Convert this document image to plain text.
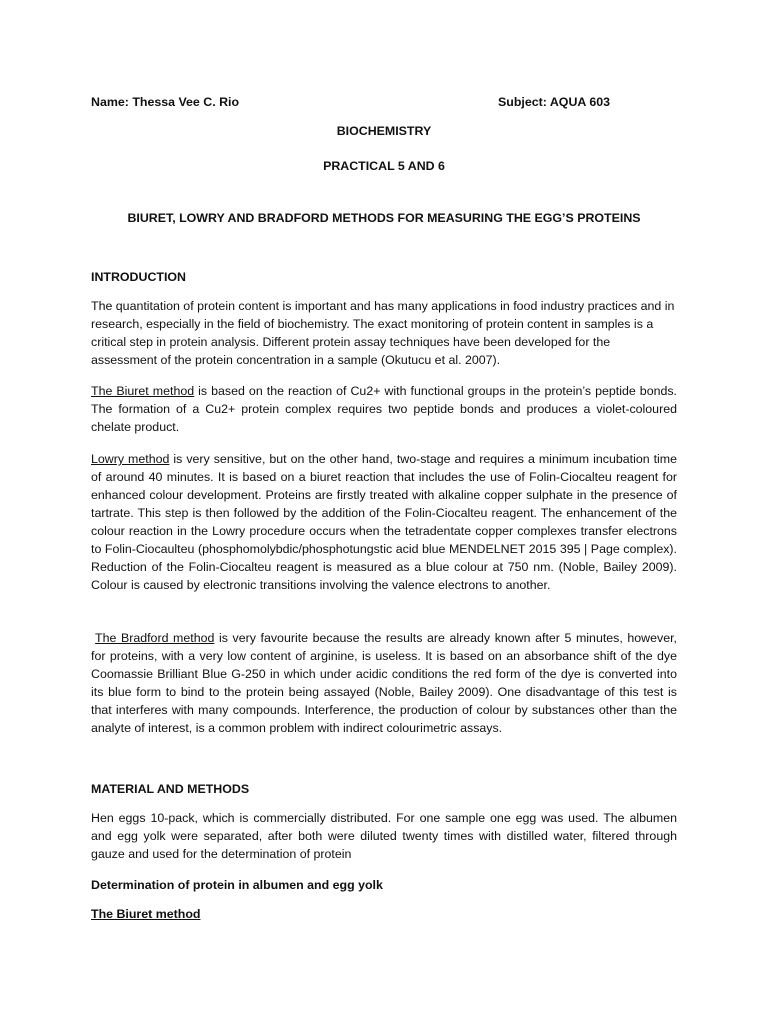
Name: Thessa Vee C. Rio	Subject: AQUA 603
BIOCHEMISTRY
PRACTICAL 5 AND 6
BIURET, LOWRY AND BRADFORD METHODS FOR MEASURING THE EGG’S PROTEINS
INTRODUCTION

The quantitation of protein content is important and has many applications in food industry practices and in research, especially in the field of biochemistry. The exact monitoring of protein content in samples is a critical step in protein analysis. Different protein assay techniques have been developed for the assessment of the protein concentration in a sample (Okutucu et al. 2007).

The Biuret method is based on the reaction of Cu2+ with functional groups in the protein’s peptide bonds. The formation of a Cu2+ protein complex requires two peptide bonds and produces a violet-coloured chelate product.

Lowry method is very sensitive, but on the other hand, two-stage and requires a minimum incubation time of around 40 minutes. It is based on a biuret reaction that includes the use of Folin-Ciocalteu reagent for enhanced colour development. Proteins are firstly treated with alkaline copper sulphate in the presence of tartrate. This step is then followed by the addition of the Folin-Ciocalteu reagent. The enhancement of the colour reaction in the Lowry procedure occurs when the tetradentate copper complexes transfer electrons to Folin-Ciocaulteu (phosphomolybdic/phosphotungstic acid blue MENDELNET 2015 395 | Page complex). Reduction of the Folin-Ciocalteu reagent is measured as a blue colour at 750 nm. (Noble, Bailey 2009). Colour is caused by electronic transitions involving the valence electrons to another.

The Bradford method is very favourite because the results are already known after 5 minutes, however, for proteins, with a very low content of arginine, is useless. It is based on an absorbance shift of the dye Coomassie Brilliant Blue G-250 in which under acidic conditions the red form of the dye is converted into its blue form to bind to the protein being assayed (Noble, Bailey 2009). One disadvantage of this test is that interferes with many compounds. Interference, the production of colour by substances other than the analyte of interest, is a common problem with indirect colourimetric assays.

MATERIAL AND METHODS

Hen eggs 10-pack, which is commercially distributed. For one sample one egg was used. The albumen and egg yolk were separated, after both were diluted twenty times with distilled water, filtered through gauze and used for the determination of protein

Determination of protein in albumen and egg yolk
The Biuret method
